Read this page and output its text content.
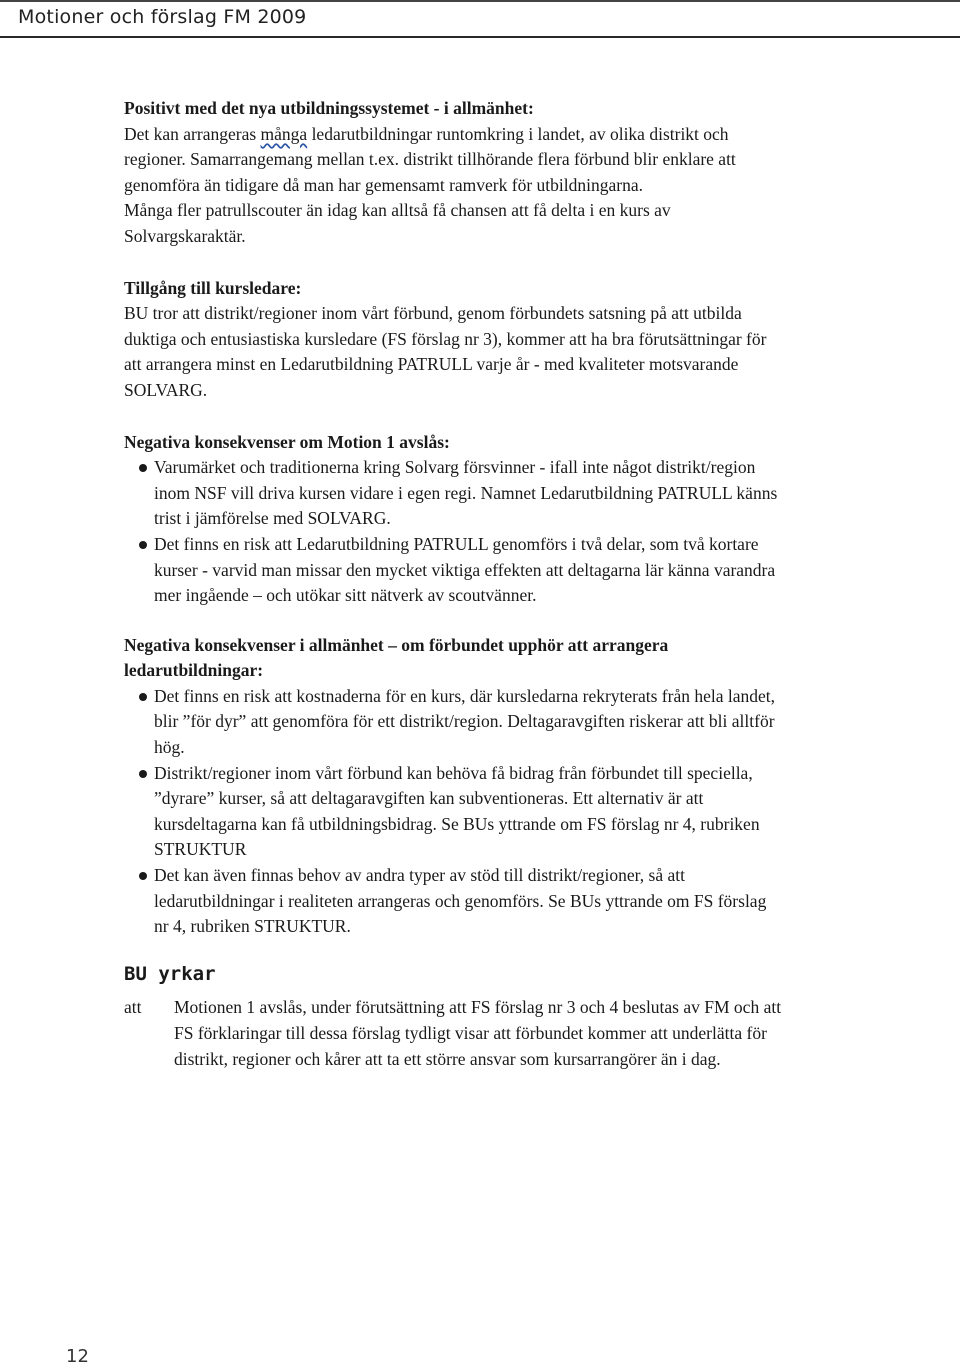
Motioner och förslag FM 2009

Positivt med det nya utbildningssystemet - i allmänhet:

Det kan arrangeras många ledarutbildningar runtomkring i landet, av olika distrikt och regioner. Samarrangemang mellan t.ex. distrikt tillhörande flera förbund blir enklare att genomföra än tidigare då man har gemensamt ramverk för utbildningarna.

Många fler patrullscouter än idag kan alltså få chansen att få delta i en kurs av Solvargskaraktär.

Tillgång till kursledare:

BU tror att distrikt/regioner inom vårt förbund, genom förbundets satsning på att utbilda duktiga och entusiastiska kursledare (FS förslag nr 3), kommer att ha bra förutsättningar för att arrangera minst en Ledarutbildning PATRULL varje år - med kvaliteter motsvarande SOLVARG.

Negativa konsekvenser om Motion 1 avslås:

Varumärket och traditionerna kring Solvarg försvinner - ifall inte något distrikt/region inom NSF vill driva kursen vidare i egen regi. Namnet Ledarutbildning PATRULL känns trist i jämförelse med SOLVARG.
Det finns en risk att Ledarutbildning PATRULL genomförs i två delar, som två kortare kurser - varvid man missar den mycket viktiga effekten att deltagarna lär känna varandra mer ingående – och utökar sitt nätverk av scoutvänner.

Negativa konsekvenser i allmänhet – om förbundet upphör att arrangera ledarutbildningar:

Det finns en risk att kostnaderna för en kurs, där kursledarna rekryterats från hela landet, blir ”för dyr” att genomföra för ett distrikt/region. Deltagaravgiften riskerar att bli alltför hög.
Distrikt/regioner inom vårt förbund kan behöva få bidrag från förbundet till speciella, ”dyrare” kurser, så att deltagaravgiften kan subventioneras. Ett alternativ är att kursdeltagarna kan få utbildningsbidrag. Se BUs yttrande om FS förslag nr 4, rubriken STRUKTUR
Det kan även finnas behov av andra typer av stöd till distrikt/regioner, så att ledarutbildningar i realiteten arrangeras och genomförs. Se BUs yttrande om FS förslag nr 4, rubriken STRUKTUR.

BU yrkar

att	Motionen 1 avslås, under förutsättning att FS förslag nr 3 och 4 beslutas av FM och att FS förklaringar till dessa förslag tydligt visar att förbundet kommer att underlätta för distrikt, regioner och kårer att ta ett större ansvar som kursarrangörer än i dag.
12
